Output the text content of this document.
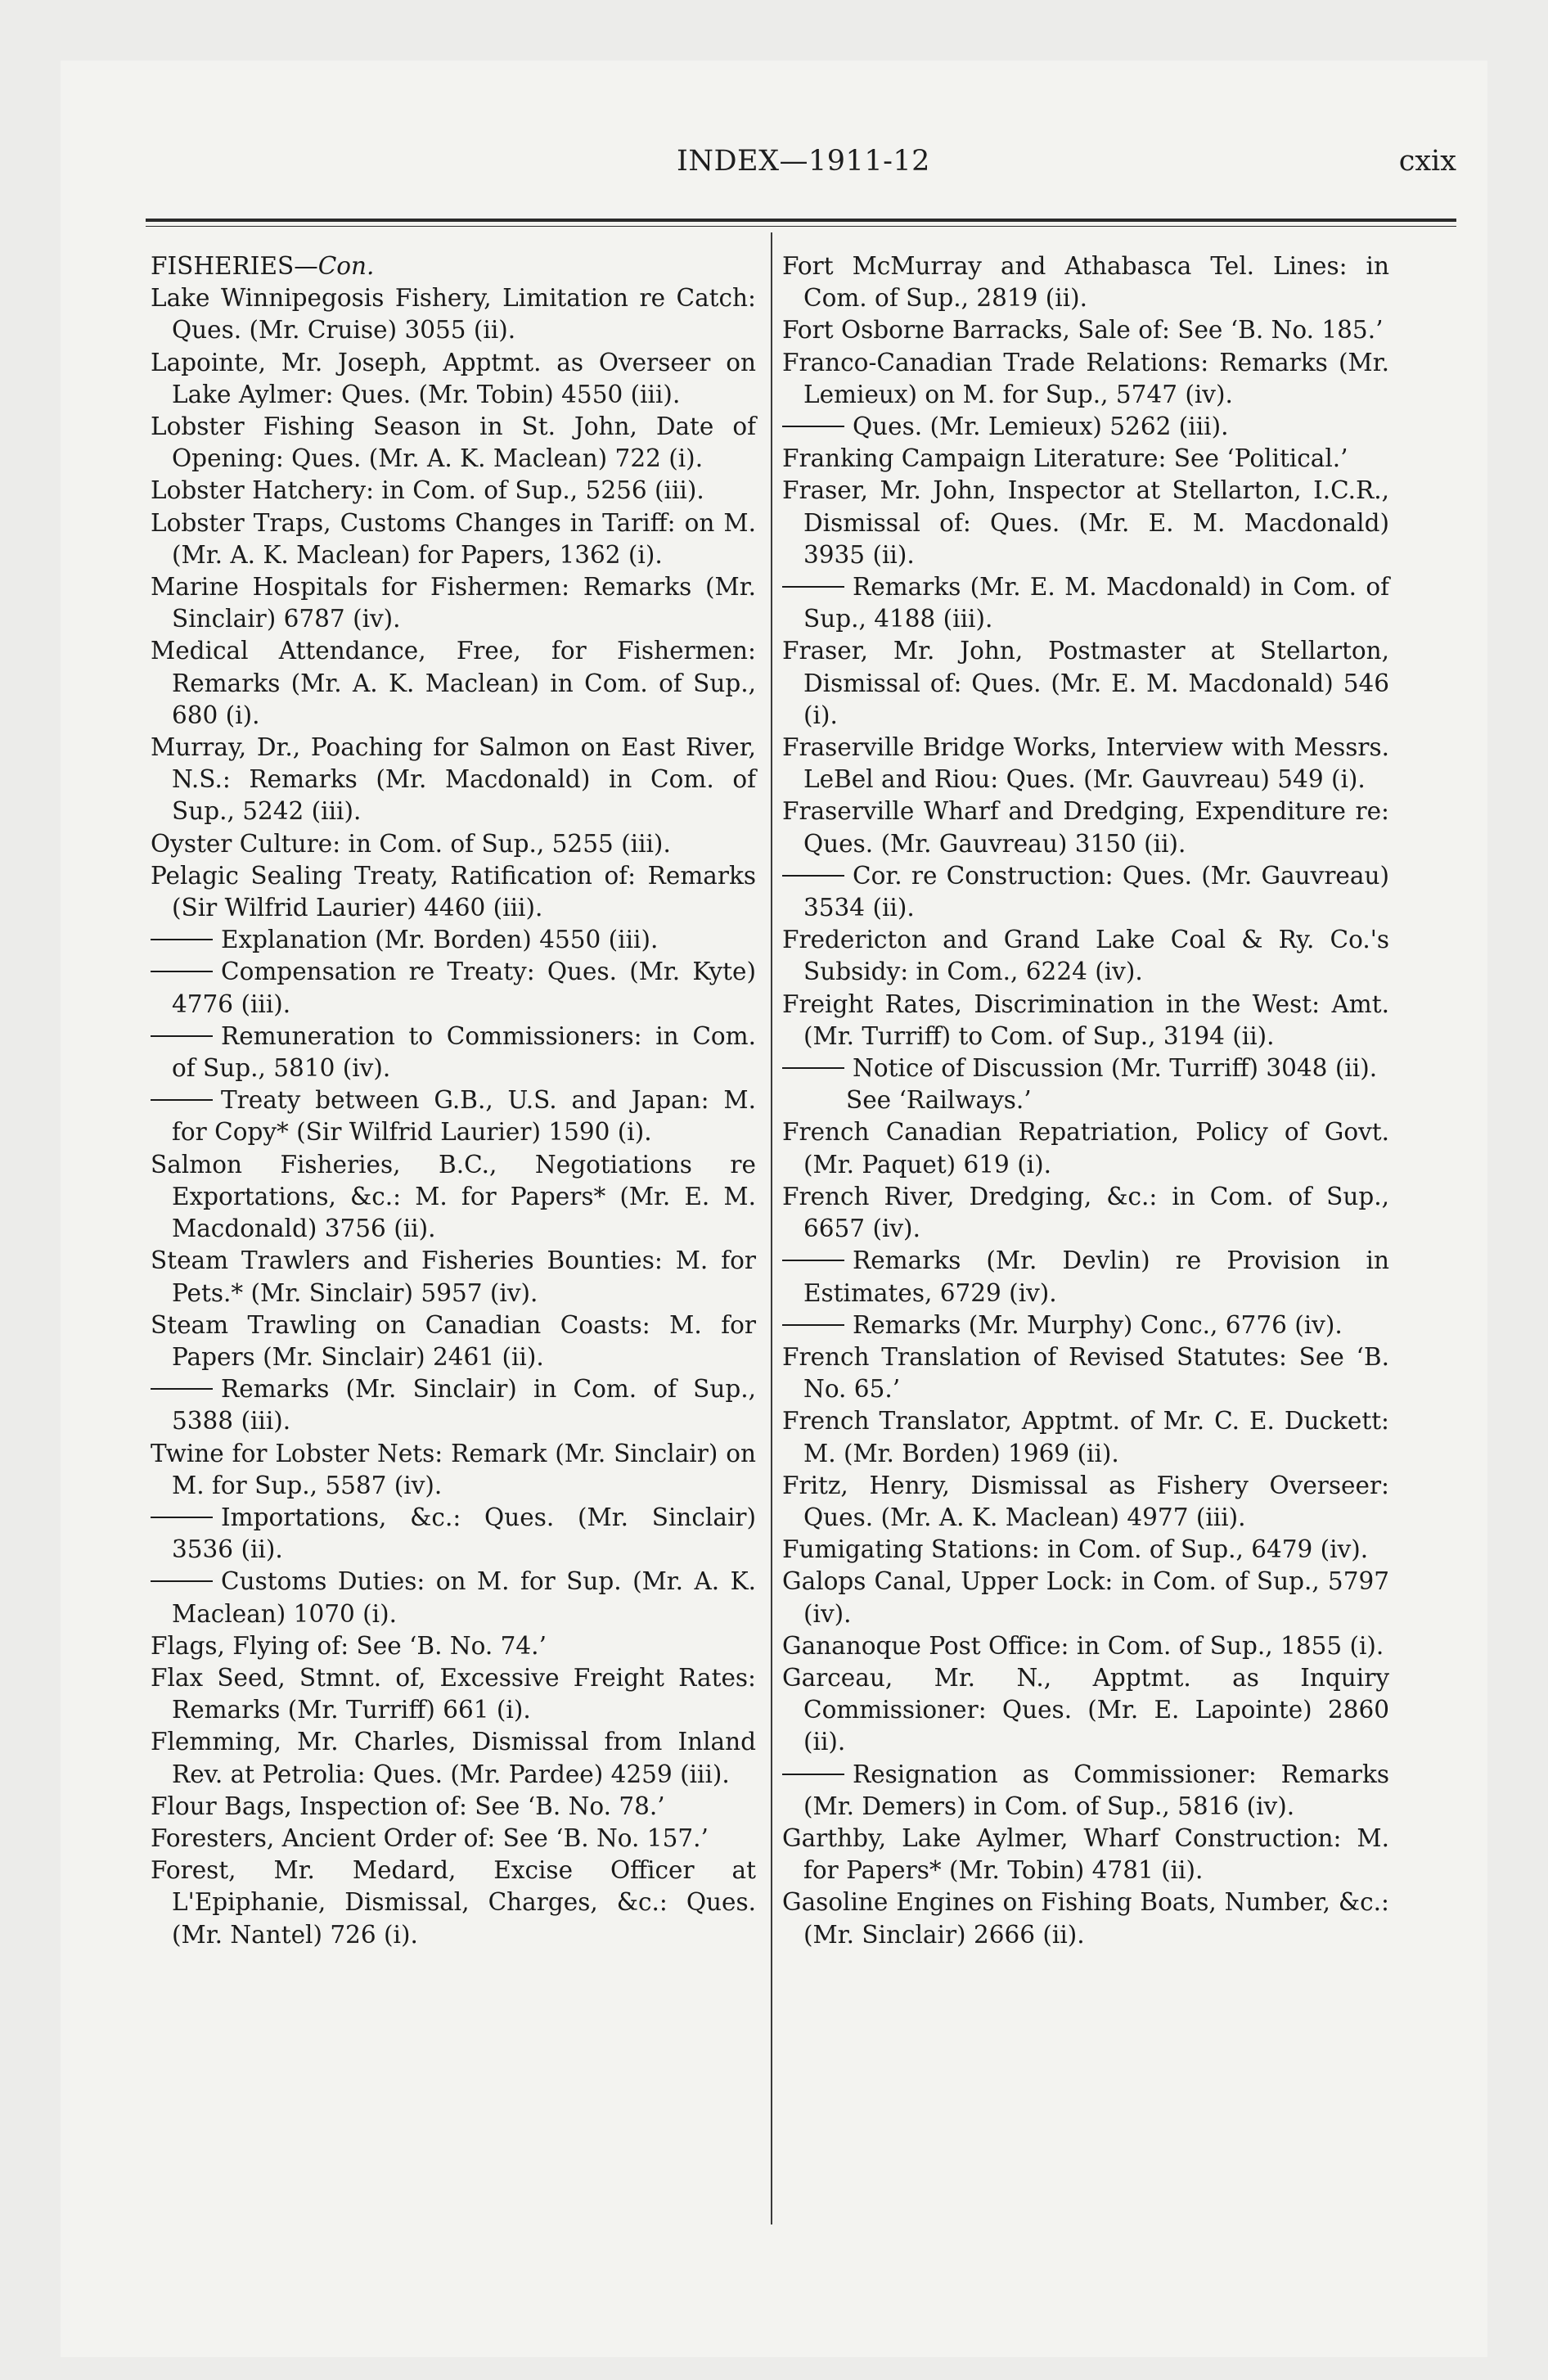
INDEX—1911-12	cxix
FISHERIES—Con.
Lake Winnipegosis Fishery, Limitation re Catch: Ques. (Mr. Cruise) 3055 (ii).
Lapointe, Mr. Joseph, Apptmt. as Overseer on Lake Aylmer: Ques. (Mr. Tobin) 4550 (iii).
Lobster Fishing Season in St. John, Date of Opening: Ques. (Mr. A. K. Maclean) 722 (i).
Lobster Hatchery: in Com. of Sup., 5256 (iii).
Lobster Traps, Customs Changes in Tariff: on M. (Mr. A. K. Maclean) for Papers, 1362 (i).
Marine Hospitals for Fishermen: Remarks (Mr. Sinclair) 6787 (iv).
Medical Attendance, Free, for Fishermen: Remarks (Mr. A. K. Maclean) in Com. of Sup., 680 (i).
Murray, Dr., Poaching for Salmon on East River, N.S.: Remarks (Mr. Macdonald) in Com. of Sup., 5242 (iii).
Oyster Culture: in Com. of Sup., 5255 (iii).
Pelagic Sealing Treaty, Ratification of: Remarks (Sir Wilfrid Laurier) 4460 (iii).
Explanation (Mr. Borden) 4550 (iii).
Compensation re Treaty: Ques. (Mr. Kyte) 4776 (iii).
Remuneration to Commissioners: in Com. of Sup., 5810 (iv).
Treaty between G.B., U.S. and Japan: M. for Copy* (Sir Wilfrid Laurier) 1590 (i).
Salmon Fisheries, B.C., Negotiations re Exportations, &c.: M. for Papers* (Mr. E. M. Macdonald) 3756 (ii).
Steam Trawlers and Fisheries Bounties: M. for Pets.* (Mr. Sinclair) 5957 (iv).
Steam Trawling on Canadian Coasts: M. for Papers (Mr. Sinclair) 2461 (ii).
Remarks (Mr. Sinclair) in Com. of Sup., 5388 (iii).
Twine for Lobster Nets: Remark (Mr. Sinclair) on M. for Sup., 5587 (iv).
Importations, &c.: Ques. (Mr. Sinclair) 3536 (ii).
Customs Duties: on M. for Sup. (Mr. A. K. Maclean) 1070 (i).
Flags, Flying of: See ‘B. No. 74.’
Flax Seed, Stmnt. of, Excessive Freight Rates: Remarks (Mr. Turriff) 661 (i).
Flemming, Mr. Charles, Dismissal from Inland Rev. at Petrolia: Ques. (Mr. Pardee) 4259 (iii).
Flour Bags, Inspection of: See ‘B. No. 78.’
Foresters, Ancient Order of: See ‘B. No. 157.’
Forest, Mr. Medard, Excise Officer at L'Epiphanie, Dismissal, Charges, &c.: Ques. (Mr. Nantel) 726 (i).
Fort McMurray and Athabasca Tel. Lines: in Com. of Sup., 2819 (ii).
Fort Osborne Barracks, Sale of: See ‘B. No. 185.’
Franco-Canadian Trade Relations: Remarks (Mr. Lemieux) on M. for Sup., 5747 (iv).
Ques. (Mr. Lemieux) 5262 (iii).
Franking Campaign Literature: See ‘Political.’
Fraser, Mr. John, Inspector at Stellarton, I.C.R., Dismissal of: Ques. (Mr. E. M. Macdonald) 3935 (ii).
Remarks (Mr. E. M. Macdonald) in Com. of Sup., 4188 (iii).
Fraser, Mr. John, Postmaster at Stellarton, Dismissal of: Ques. (Mr. E. M. Macdonald) 546 (i).
Fraserville Bridge Works, Interview with Messrs. LeBel and Riou: Ques. (Mr. Gauvreau) 549 (i).
Fraserville Wharf and Dredging, Expenditure re: Ques. (Mr. Gauvreau) 3150 (ii).
Cor. re Construction: Ques. (Mr. Gauvreau) 3534 (ii).
Fredericton and Grand Lake Coal & Ry. Co.'s Subsidy: in Com., 6224 (iv).
Freight Rates, Discrimination in the West: Amt. (Mr. Turriff) to Com. of Sup., 3194 (ii).
Notice of Discussion (Mr. Turriff) 3048 (ii).
See ‘Railways.’
French Canadian Repatriation, Policy of Govt. (Mr. Paquet) 619 (i).
French River, Dredging, &c.: in Com. of Sup., 6657 (iv).
Remarks (Mr. Devlin) re Provision in Estimates, 6729 (iv).
Remarks (Mr. Murphy) Conc., 6776 (iv).
French Translation of Revised Statutes: See ‘B. No. 65.’
French Translator, Apptmt. of Mr. C. E. Duckett: M. (Mr. Borden) 1969 (ii).
Fritz, Henry, Dismissal as Fishery Overseer: Ques. (Mr. A. K. Maclean) 4977 (iii).
Fumigating Stations: in Com. of Sup., 6479 (iv).
Galops Canal, Upper Lock: in Com. of Sup., 5797 (iv).
Gananoque Post Office: in Com. of Sup., 1855 (i).
Garceau, Mr. N., Apptmt. as Inquiry Commissioner: Ques. (Mr. E. Lapointe) 2860 (ii).
Resignation as Commissioner: Remarks (Mr. Demers) in Com. of Sup., 5816 (iv).
Garthby, Lake Aylmer, Wharf Construction: M. for Papers* (Mr. Tobin) 4781 (ii).
Gasoline Engines on Fishing Boats, Number, &c.: (Mr. Sinclair) 2666 (ii).
